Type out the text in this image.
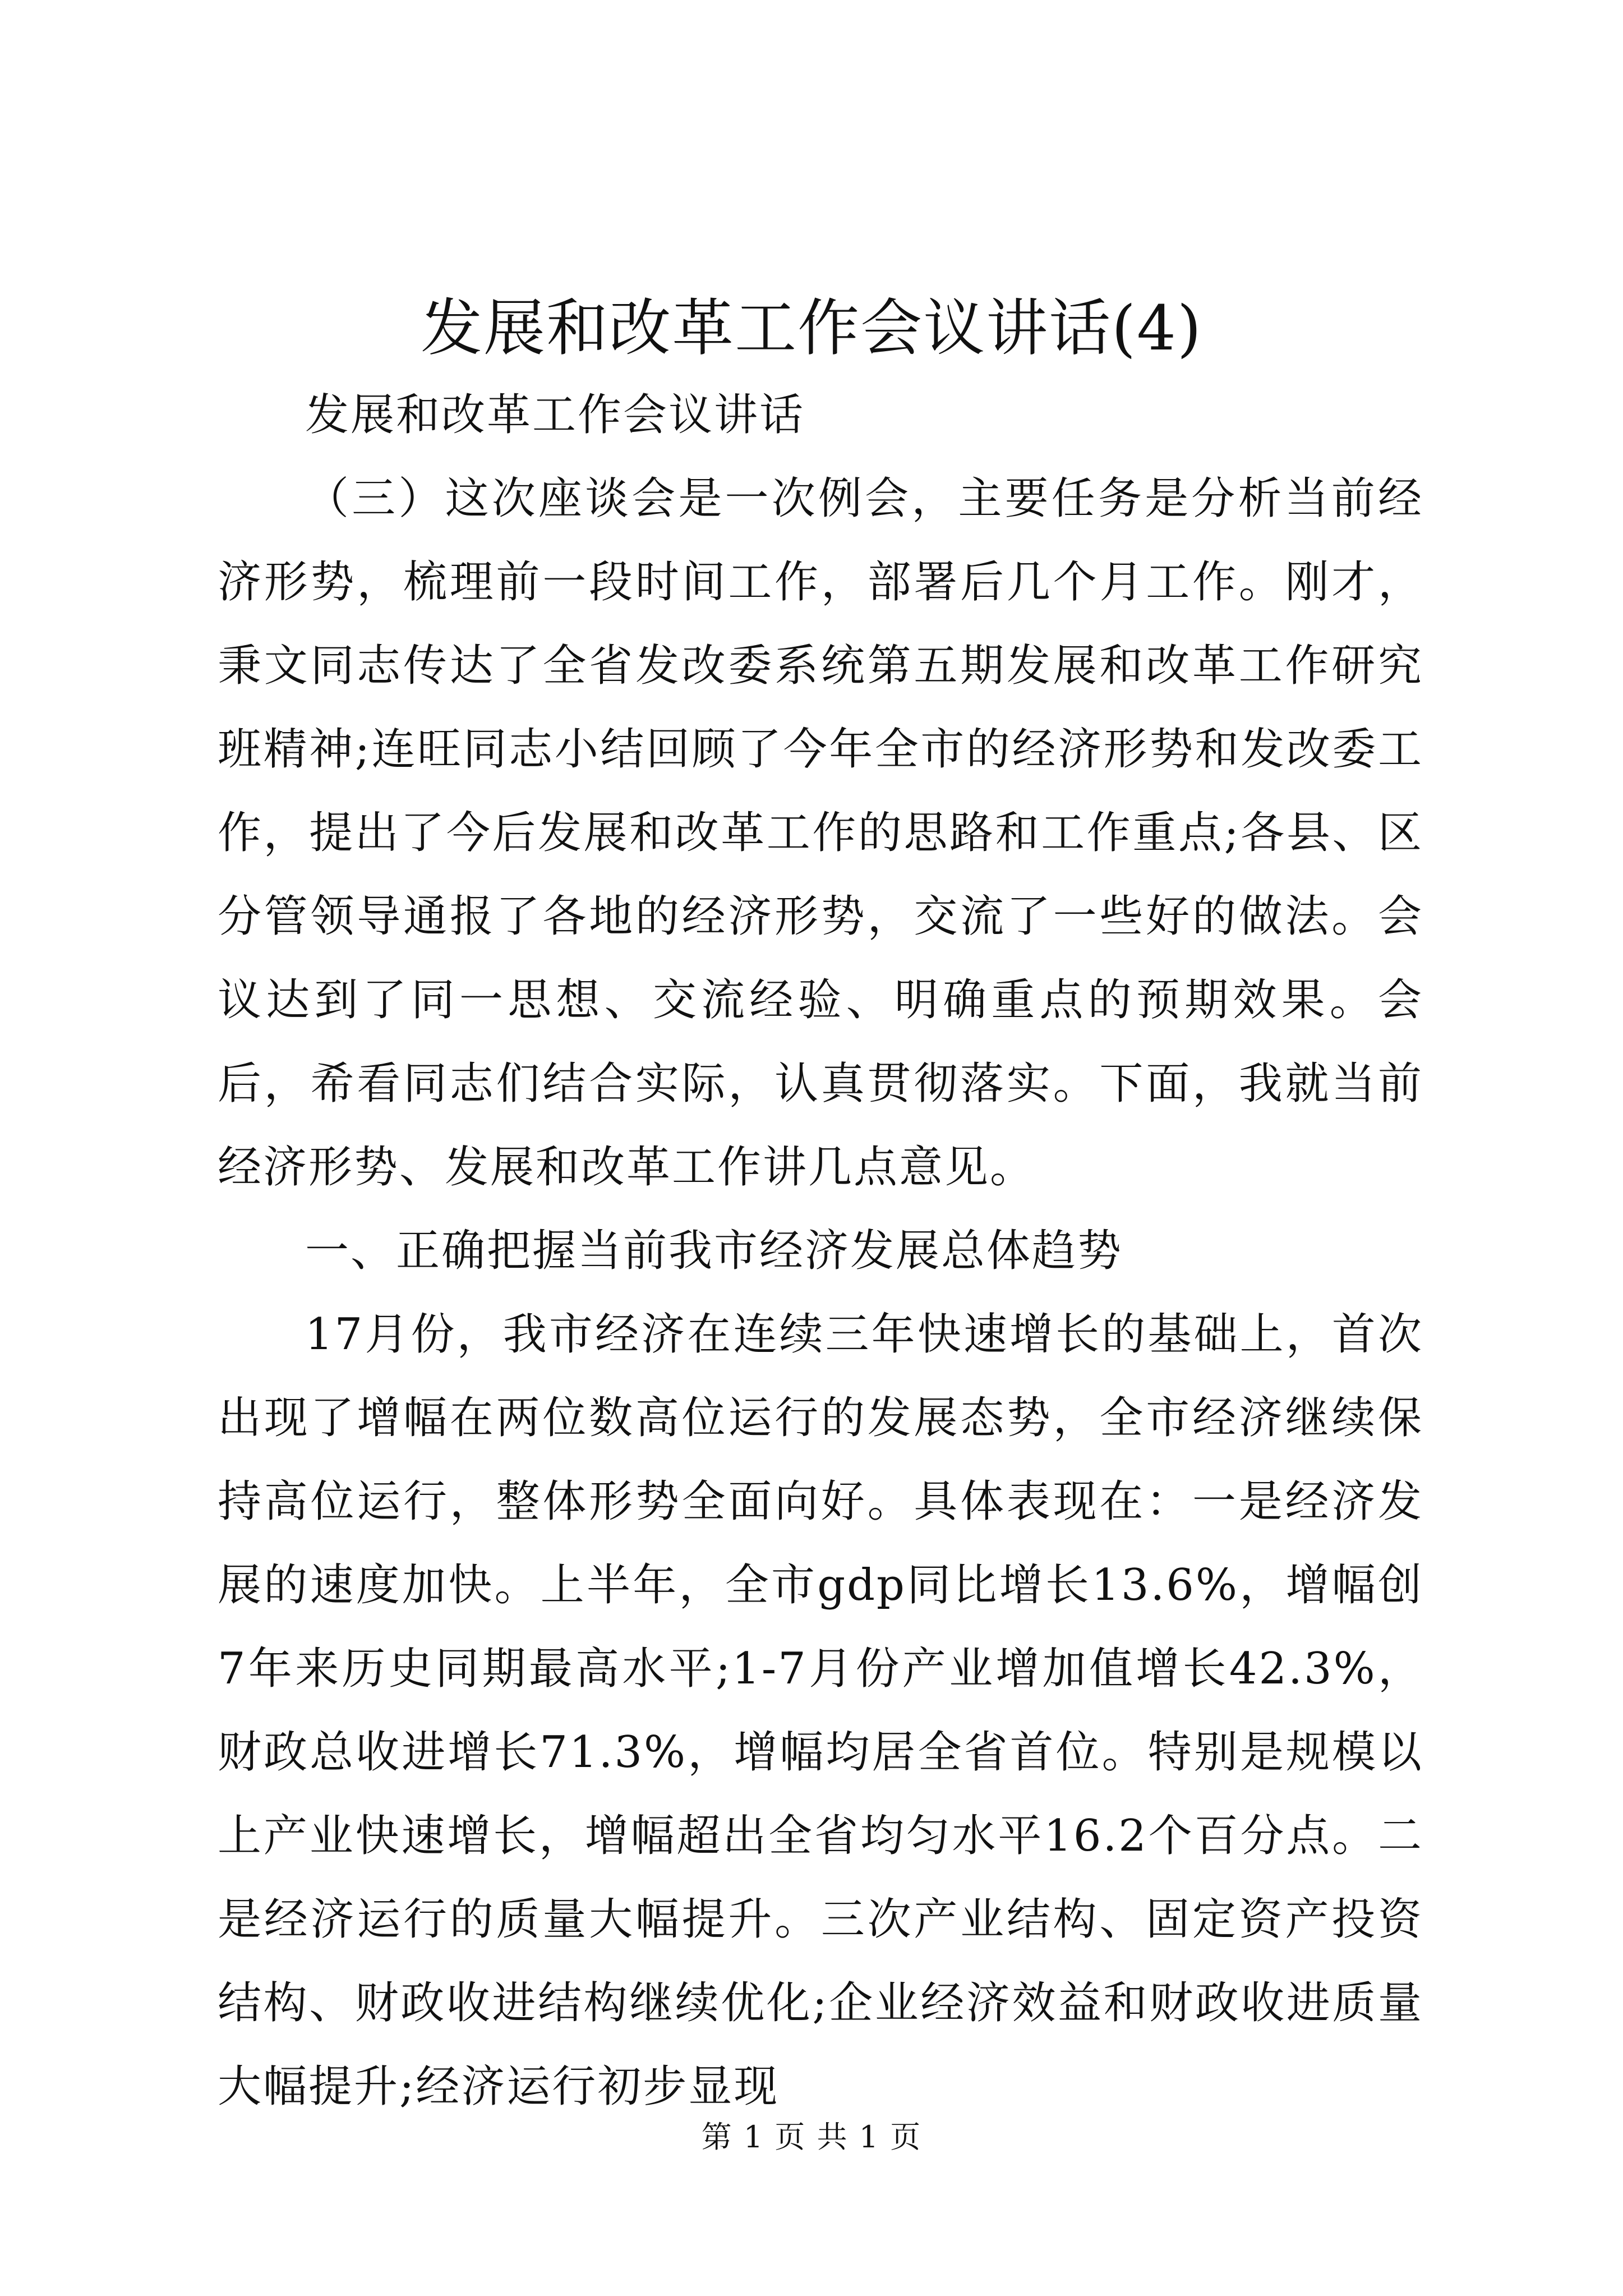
发展和改革工作会议讲话(4)

发展和改革工作会议讲话

（三）这次座谈会是一次例会，主要任务是分析当前经济形势，梳理前一段时间工作，部署后几个月工作。刚才，秉文同志传达了全省发改委系统第五期发展和改革工作研究班精神;连旺同志小结回顾了今年全市的经济形势和发改委工作，提出了今后发展和改革工作的思路和工作重点;各县、区分管领导通报了各地的经济形势，交流了一些好的做法。会议达到了同一思想、交流经验、明确重点的预期效果。会后，希看同志们结合实际，认真贯彻落实。下面，我就当前经济形势、发展和改革工作讲几点意见。

一、正确把握当前我市经济发展总体趋势

17月份，我市经济在连续三年快速增长的基础上，首次出现了增幅在两位数高位运行的发展态势，全市经济继续保持高位运行，整体形势全面向好。具体表现在：一是经济发展的速度加快。上半年，全市gdp同比增长13.6%，增幅创7年来历史同期最高水平;1-7月份产业增加值增长42.3%，财政总收进增长71.3%，增幅均居全省首位。特别是规模以上产业快速增长，增幅超出全省均匀水平16.2个百分点。二是经济运行的质量大幅提升。三次产业结构、固定资产投资结构、财政收进结构继续优化;企业经济效益和财政收进质量大幅提升;经济运行初步显现

第 1 页 共 1 页
